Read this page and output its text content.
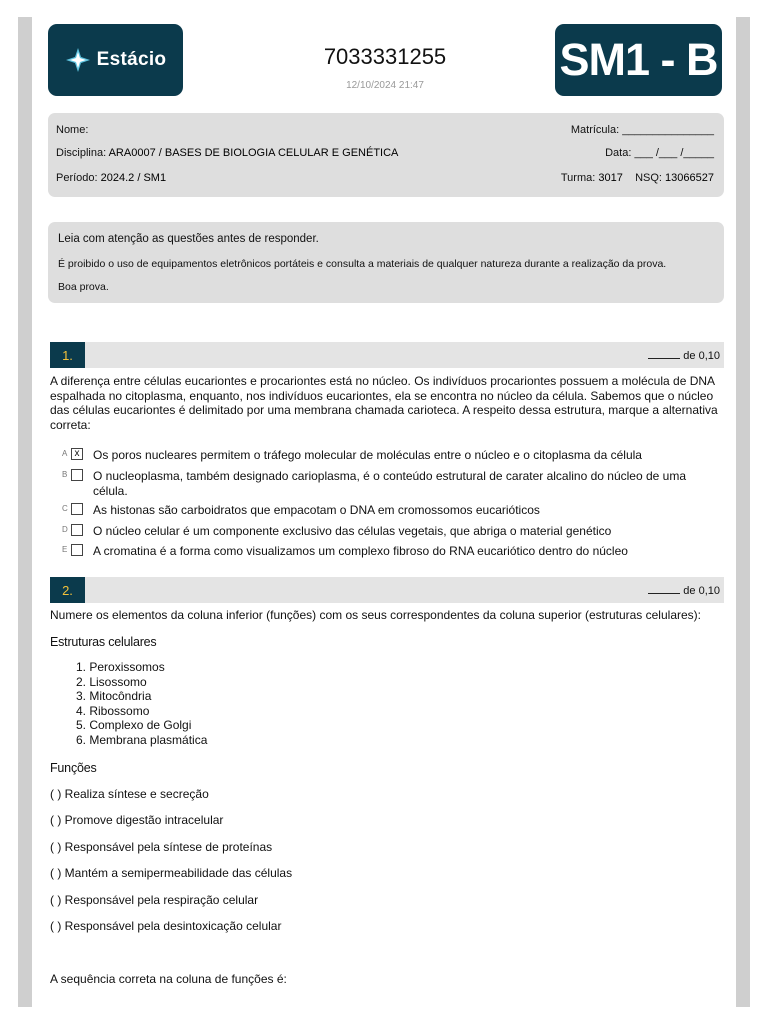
Estácio	7033331255
12/10/2024 21:47
SM1 - B
Nome:	Matrícula: _______________
Disciplina: ARA0007 / BASES DE BIOLOGIA CELULAR E GENÉTICA	Data: ___ /___ /_____
Período: 2024.2 / SM1	Turma: 3017 NSQ: 13066527
Leia com atenção as questões antes de responder.
É proibido o uso de equipamentos eletrônicos portáteis e consulta a materiais de qualquer natureza durante a realização da prova.
Boa prova.
1.	de 0,10
A diferença entre células eucariontes e procariontes está no núcleo. Os indivíduos procariontes possuem a molécula de DNA espalhada no citoplasma, enquanto, nos indivíduos eucariontes, ela se encontra no núcleo da célula. Sabemos que o núcleo das células eucariontes é delimitado por uma membrana chamada carioteca. A respeito dessa estrutura, marque a alternativa correta:
A x Os poros nucleares permitem o tráfego molecular de moléculas entre o núcleo e o citoplasma da célula
B O nucleoplasma, também designado carioplasma, é o conteúdo estrutural de carater alcalino do núcleo de uma célula.
C As histonas são carboidratos que empacotam o DNA em cromossomos eucarióticos
D O núcleo celular é um componente exclusivo das células vegetais, que abriga o material genético
E A cromatina é a forma como visualizamos um complexo fibroso do RNA eucariótico dentro do núcleo
2.	de 0,10
Numere os elementos da coluna inferior (funções) com os seus correspondentes da coluna superior (estruturas celulares):
Estruturas celulares
1. Peroxissomos
2. Lisossomo
3. Mitocôndria
4. Ribossomo
5. Complexo de Golgi
6. Membrana plasmática
Funções
( ) Realiza síntese e secreção
( ) Promove digestão intracelular
( ) Responsável pela síntese de proteínas
( ) Mantém a semipermeabilidade das células
( ) Responsável pela respiração celular
( ) Responsável pela desintoxicação celular
A sequência correta na coluna de funções é:
